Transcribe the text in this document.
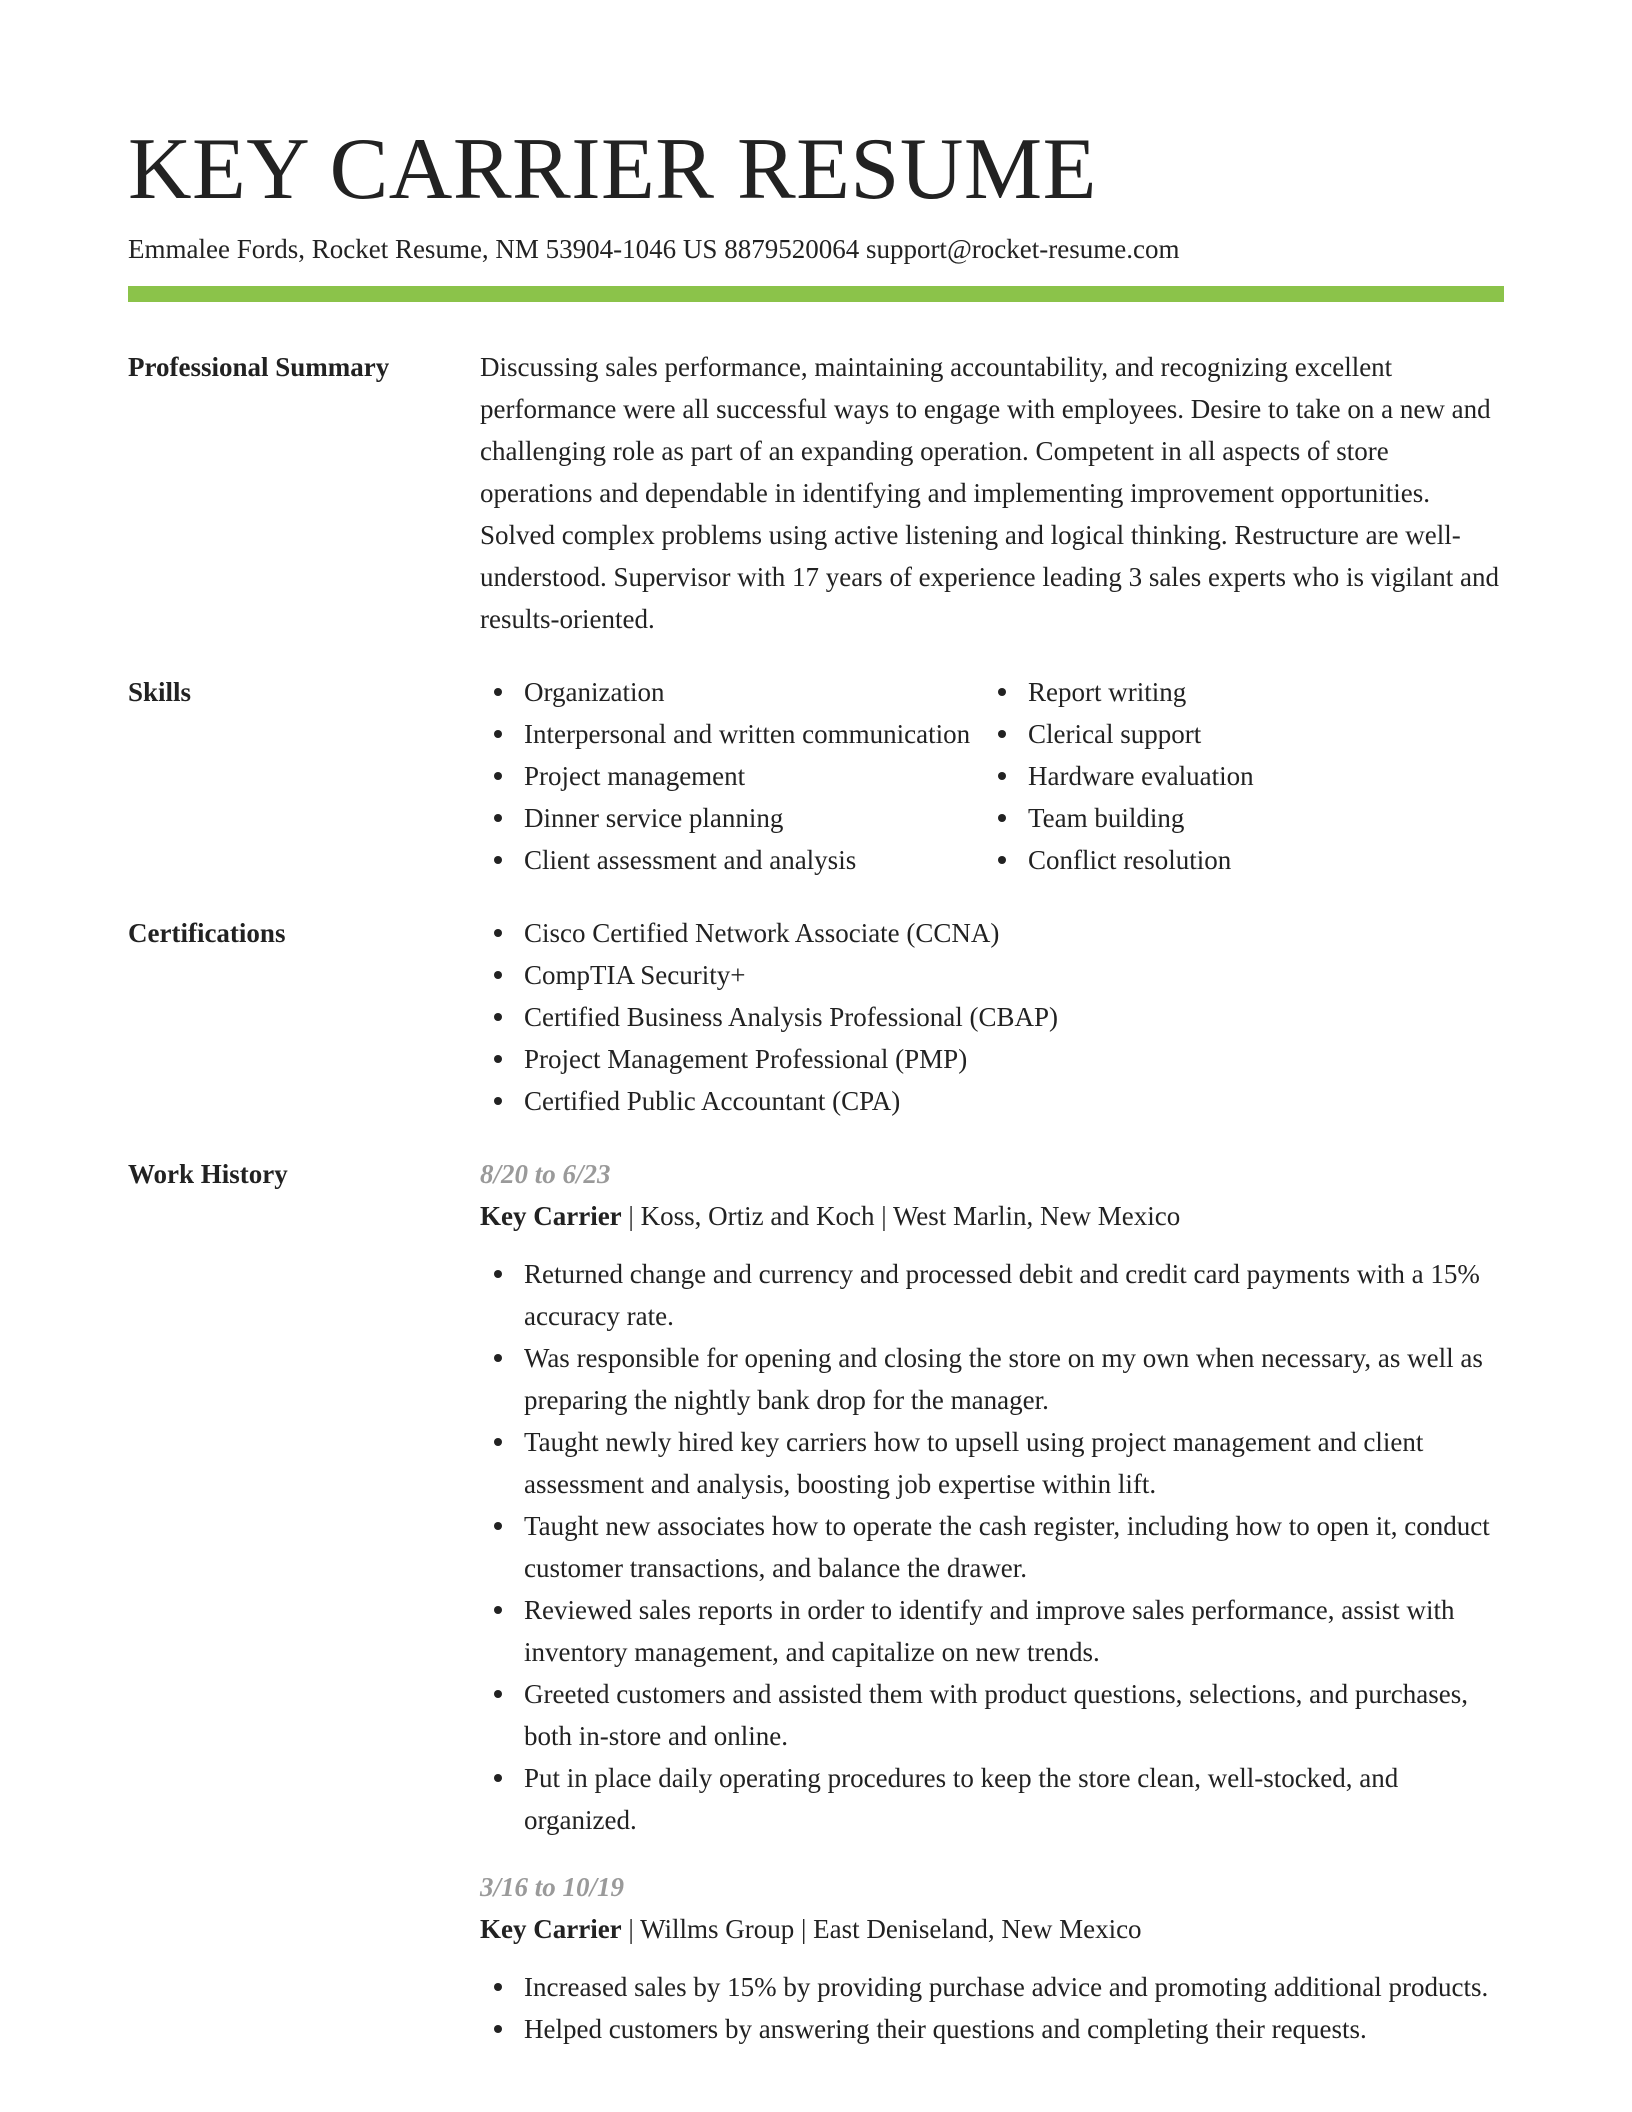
KEY CARRIER RESUME
Emmalee Fords, Rocket Resume, NM 53904-1046 US 8879520064 support@rocket-resume.com
Professional Summary	Discussing sales performance, maintaining accountability, and recognizing excellent performance were all successful ways to engage with employees. Desire to take on a new and challenging role as part of an expanding operation. Competent in all aspects of store operations and dependable in identifying and implementing improvement opportunities. Solved complex problems using active listening and logical thinking. Restructure are well-understood. Supervisor with 17 years of experience leading 3 sales experts who is vigilant and results-oriented.

Skills	Organization
Interpersonal and written communication
Project management
Dinner service planning
Client assessment and analysis
Report writing
Clerical support
Hardware evaluation
Team building
Conflict resolution
Certifications	Cisco Certified Network Associate (CCNA)
CompTIA Security+
Certified Business Analysis Professional (CBAP)
Project Management Professional (PMP)
Certified Public Accountant (CPA)
Work History	8/20 to 6/23
Key Carrier | Koss, Ortiz and Koch | West Marlin, New Mexico
Returned change and currency and processed debit and credit card payments with a 15% accuracy rate.
Was responsible for opening and closing the store on my own when necessary, as well as preparing the nightly bank drop for the manager.
Taught newly hired key carriers how to upsell using project management and client assessment and analysis, boosting job expertise within lift.
Taught new associates how to operate the cash register, including how to open it, conduct customer transactions, and balance the drawer.
Reviewed sales reports in order to identify and improve sales performance, assist with inventory management, and capitalize on new trends.
Greeted customers and assisted them with product questions, selections, and purchases, both in-store and online.
Put in place daily operating procedures to keep the store clean, well-stocked, and organized.
3/16 to 10/19
Key Carrier | Willms Group | East Deniseland, New Mexico
Increased sales by 15% by providing purchase advice and promoting additional products.
Helped customers by answering their questions and completing their requests.
